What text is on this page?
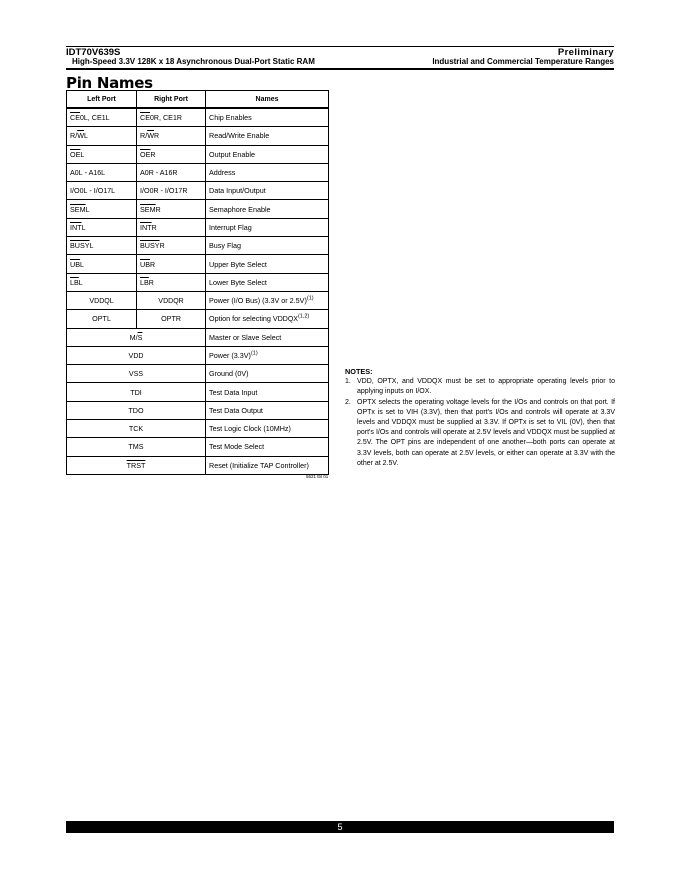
IDT70V639S	Preliminary
High-Speed 3.3V 128K x 18 Asynchronous Dual-Port Static RAM	Industrial and Commercial Temperature Ranges
Pin Names
Left Port	Right Port	Names
$\overline{CE}0L$, CE1L	$\overline{CE}0R$, CE1R	Chip Enables
$R/\overline{W}L$	$R/\overline{W}R$	Read/Write Enable
$\overline{OE}L$	$\overline{OE}R$	Output Enable
A0L - A16L	A0R - A16R	Address
I/O0L - I/O17L	I/O0R - I/O17R	Data Input/Output
$\overline{SEM}L$	$\overline{SEM}R$	Semaphore Enable
$\overline{INT}L$	$\overline{INT}R$	Interrupt Flag
BUSYL	BUSYR	Busy Flag
$\overline{UB}L$	$\overline{UB}R$	Upper Byte Select
$\overline{LB}L$	$\overline{LB}R$	Lower Byte Select
VDDQL	VDDQR	Power (I/O Bus) (3.3V or 2.5V)$^{(1)}$
OPTL	OPTR	Option for selecting VDDQX$^{(1,2)}$
$M/\overline{S}$		Master or Slave Select
VDD		Power $(3.3V)^{(1)}$
VSS		Ground (0V)
TDI		Test Data Input
TDO		Test Data Output
TCK		Test Logic Clock (10MHz)
TMS		Test Mode Select
TRST		Reset (Initialize TAP Controller)
5621 tbl 01
NOTES:
1. VDD, OPTX, and VDDQX must be set to appropriate operating levels prior to applying inputs on I/OX.
2. OPTX selects the operating voltage levels for the I/Os and controls on that port. If OPTx is set to VIH (3.3V), then that port's I/Os and controls will operate at 3.3V levels and VDDQX must be supplied at 3.3V. If OPTx is set to VIL (0V), then that port's I/Os and controls will operate at 2.5V levels and VDDQX must be supplied at 2.5V. The OPT pins are independent of one another—both ports can operate at 3.3V levels, both can operate at 2.5V levels, or either can operate at 3.3V with the other at 2.5V.
5
